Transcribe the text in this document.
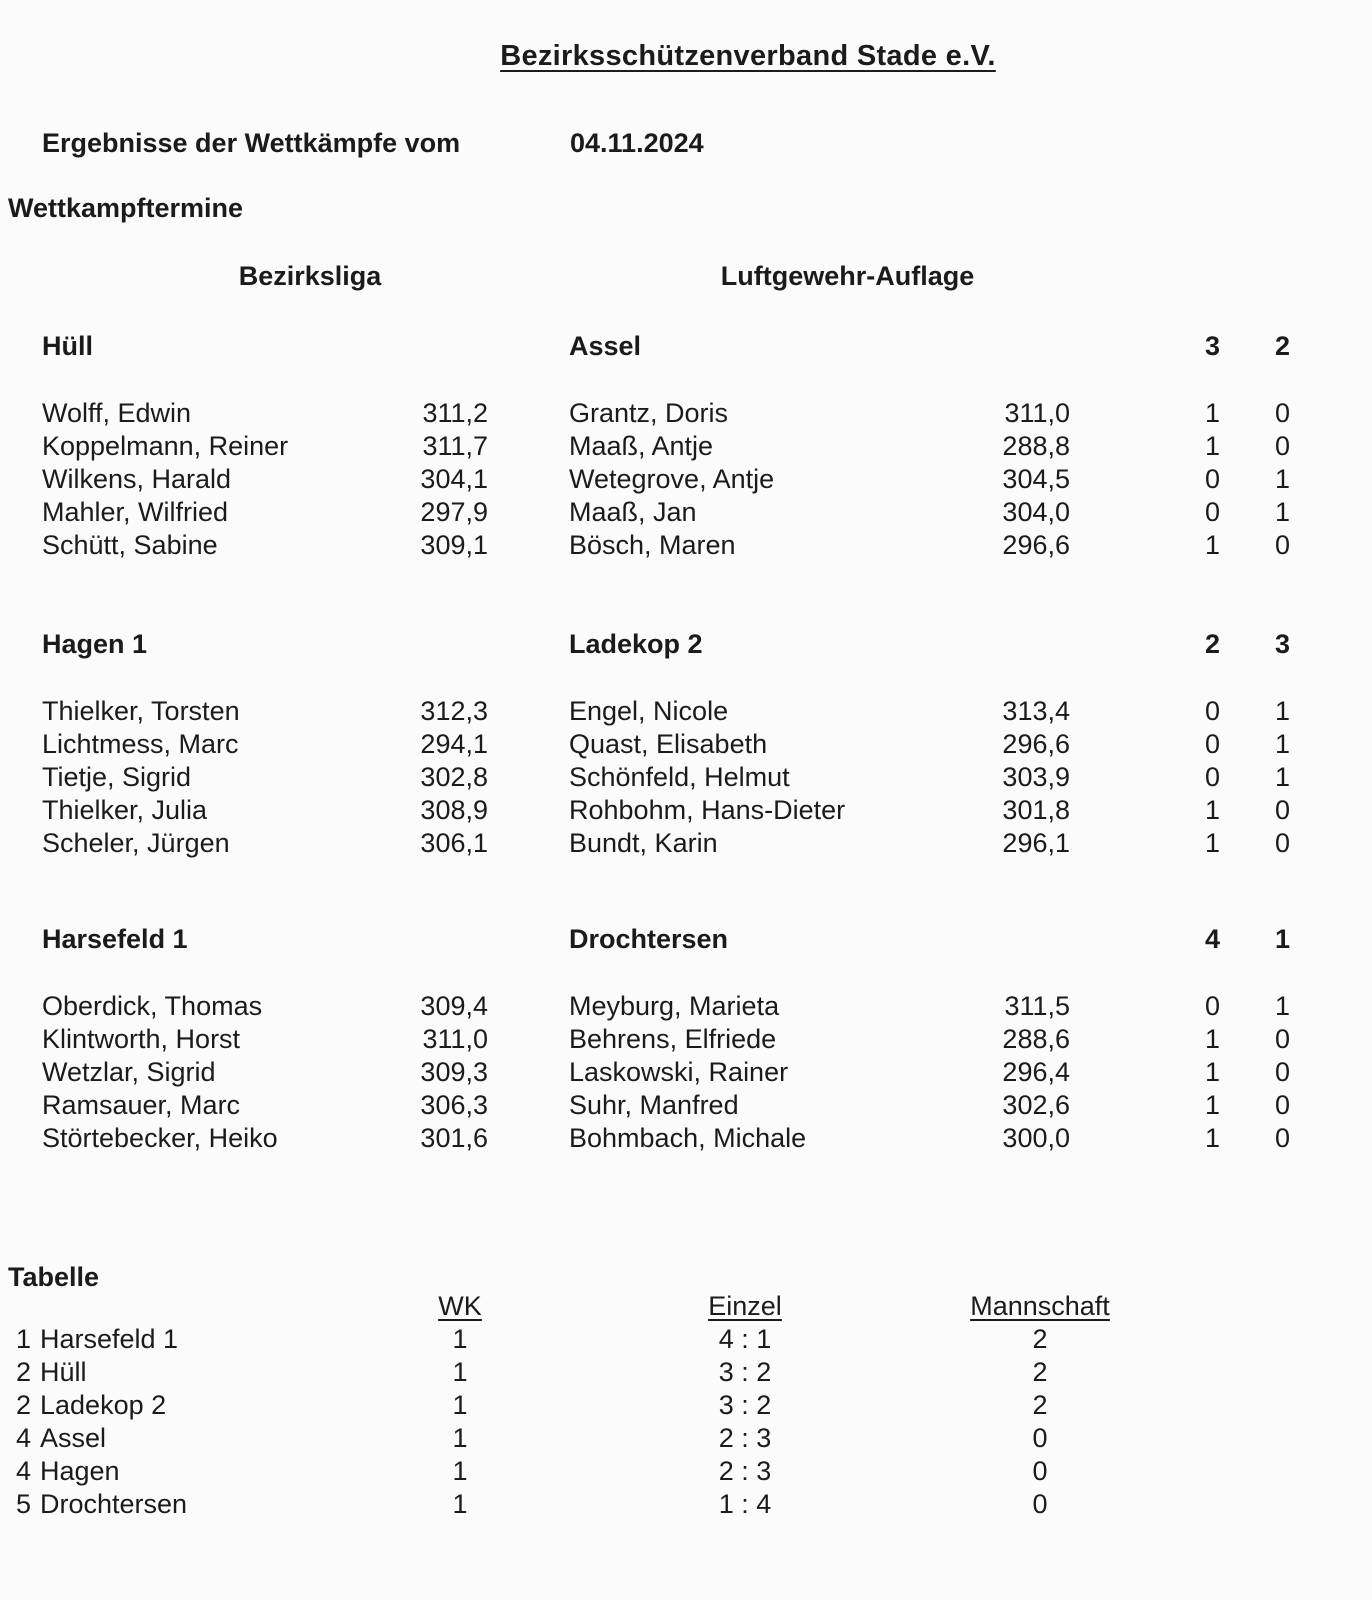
Bezirksschützenverband Stade e.V.
Ergebnisse der Wettkämpfe vom	04.11.2024
Wettkampftermine
Bezirksliga	Luftgewehr-Auflage
Hüll	Assel	3	2
Wolff, Edwin	311,2	Grantz, Doris	311,0	1	0
Koppelmann, Reiner	311,7	Maaß, Antje	288,8	1	0
Wilkens, Harald	304,1	Wetegrove, Antje	304,5	0	1
Mahler, Wilfried	297,9	Maaß, Jan	304,0	0	1
Schütt, Sabine	309,1	Bösch, Maren	296,6	1	0
Hagen 1	Ladekop 2	2	3
Thielker, Torsten	312,3	Engel, Nicole	313,4	0	1
Lichtmess, Marc	294,1	Quast, Elisabeth	296,6	0	1
Tietje, Sigrid	302,8	Schönfeld, Helmut	303,9	0	1
Thielker, Julia	308,9	Rohbohm, Hans-Dieter	301,8	1	0
Scheler, Jürgen	306,1	Bundt, Karin	296,1	1	0
Harsefeld 1	Drochtersen	4	1
Oberdick, Thomas	309,4	Meyburg, Marieta	311,5	0	1
Klintworth, Horst	311,0	Behrens, Elfriede	288,6	1	0
Wetzlar, Sigrid	309,3	Laskowski, Rainer	296,4	1	0
Ramsauer, Marc	306,3	Suhr, Manfred	302,6	1	0
Störtebecker, Heiko	301,6	Bohmbach, Michale	300,0	1	0
Tabelle
WK	Einzel	Mannschaft
1 Harsefeld 1	1	4 : 1	2
2 Hüll	1	3 : 2	2
2 Ladekop 2	1	3 : 2	2
4 Assel	1	2 : 3	0
4 Hagen	1	2 : 3	0
5 Drochtersen	1	1 : 4	0
